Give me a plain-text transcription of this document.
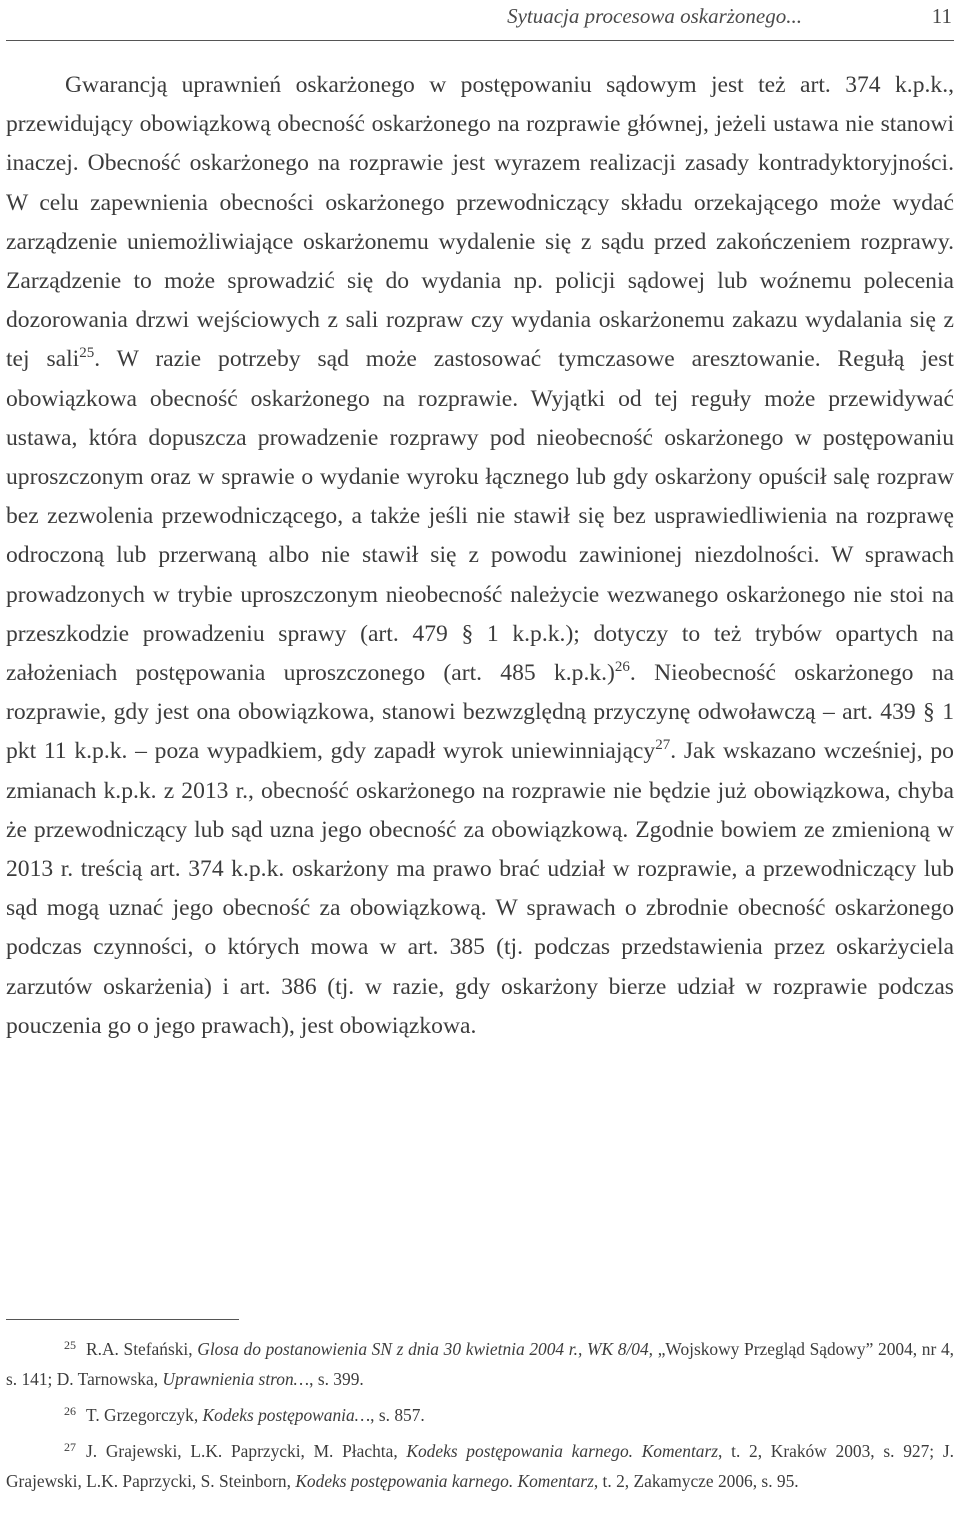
Sytuacja procesowa oskarżonego...	11

Gwarancją uprawnień oskarżonego w postępowaniu sądowym jest też art. 374 k.p.k., przewidujący obowiązkową obecność oskarżonego na rozprawie głównej, jeżeli ustawa nie stanowi inaczej. Obecność oskarżonego na rozprawie jest wyrazem realizacji zasady kontradyktoryjności. W celu zapewnienia obecności oskarżonego przewodniczący składu orzekającego może wydać zarządzenie uniemożliwiające oskarżonemu wydalenie się z sądu przed zakończeniem rozprawy. Zarządzenie to może sprowadzić się do wydania np. policji sądowej lub woźnemu polecenia dozorowania drzwi wejściowych z sali rozpraw czy wydania oskarżonemu zakazu wydalania się z tej sali$^{25}$. W razie potrzeby sąd może zastosować tymczasowe aresztowanie. Regułą jest obowiązkowa obecność oskarżonego na rozprawie. Wyjątki od tej reguły może przewidywać ustawa, która dopuszcza prowadzenie rozprawy pod nieobecność oskarżonego w postępowaniu uproszczonym oraz w sprawie o wydanie wyroku łącznego lub gdy oskarżony opuścił salę rozpraw bez zezwolenia przewodniczącego, a także jeśli nie stawił się bez usprawiedliwienia na rozprawę odroczoną lub przerwaną albo nie stawił się z powodu zawinionej niezdolności. W sprawach prowadzonych w trybie uproszczonym nieobecność należycie wezwanego oskarżonego nie stoi na przeszkodzie prowadzeniu sprawy (art. 479 § 1 k.p.k.); dotyczy to też trybów opartych na założeniach postępowania uproszczonego (art. 485 k.p.k.)$^{26}$. Nieobecność oskarżonego na rozprawie, gdy jest ona obowiązkowa, stanowi bezwzględną przyczynę odwoławczą – art. 439 § 1 pkt 11 k.p.k. – poza wypadkiem, gdy zapadł wyrok uniewinniający$^{27}$. Jak wskazano wcześniej, po zmianach k.p.k. z 2013 r., obecność oskarżonego na rozprawie nie będzie już obowiązkowa, chyba że przewodniczący lub sąd uzna jego obecność za obowiązkową. Zgodnie bowiem ze zmienioną w 2013 r. treścią art. 374 k.p.k. oskarżony ma prawo brać udział w rozprawie, a przewodniczący lub sąd mogą uznać jego obecność za obowiązkową. W sprawach o zbrodnie obecność oskarżonego podczas czynności, o których mowa w art. 385 (tj. podczas przedstawienia przez oskarżyciela zarzutów oskarżenia) i art. 386 (tj. w razie, gdy oskarżony bierze udział w rozprawie podczas pouczenia go o jego prawach), jest obowiązkowa.

$^{25}$ R.A. Stefański, Glosa do postanowienia SN z dnia 30 kwietnia 2004 r., WK 8/04, „Wojskowy Przegląd Sądowy” 2004, nr 4, s. 141; D. Tarnowska, Uprawnienia stron…, s. 399.

$^{26}$ T. Grzegorczyk, Kodeks postępowania…, s. 857.

$^{27}$ J. Grajewski, L.K. Paprzycki, M. Płachta, Kodeks postępowania karnego. Komentarz, t. 2, Kraków 2003, s. 927; J. Grajewski, L.K. Paprzycki, S. Steinborn, Kodeks postępowania karnego. Komentarz, t. 2, Zakamycze 2006, s. 95.
